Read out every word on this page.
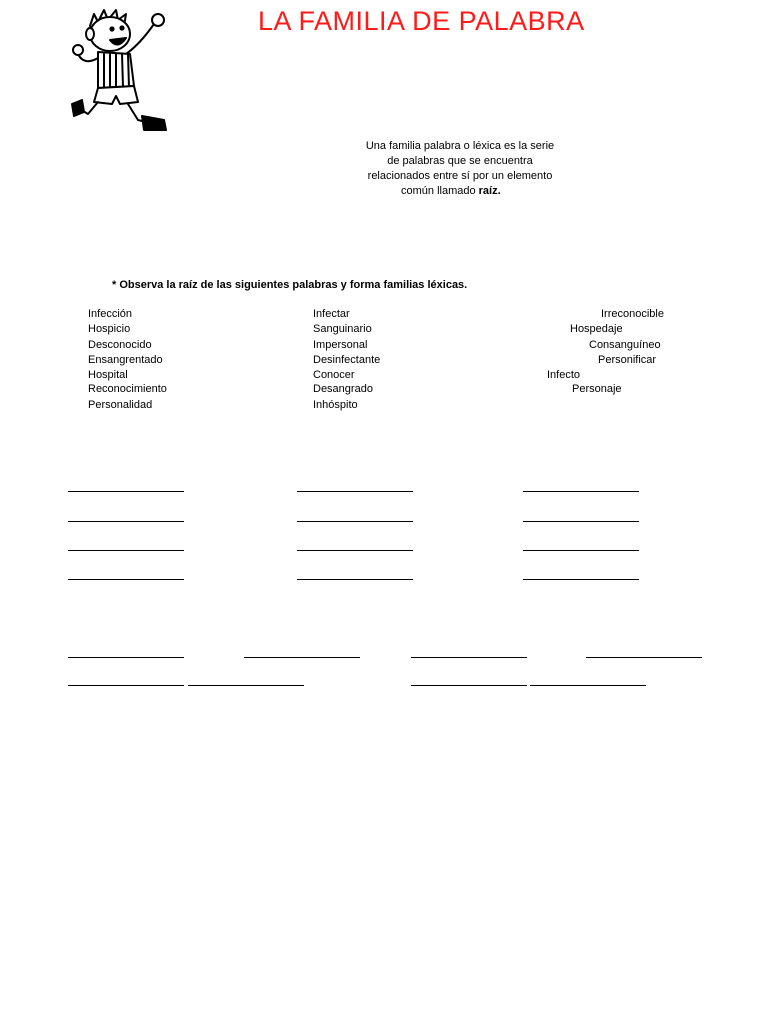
LA FAMILIA DE PALABRA
Una familia palabra o léxica es la serie
de palabras que se encuentra
relacionados entre sí por un elemento
común llamado raíz.
* Observa la raíz de las siguientes palabras y forma familias léxicas.
Infección
Hospicio
Desconocido
Ensangrentado
Hospital
Reconocimiento
Personalidad
Infectar
Sanguinario
Impersonal
Desinfectante
Conocer
Desangrado
Inhóspito
Irreconocible
Hospedaje
Consanguíneo
Personificar
Infecto
Personaje
